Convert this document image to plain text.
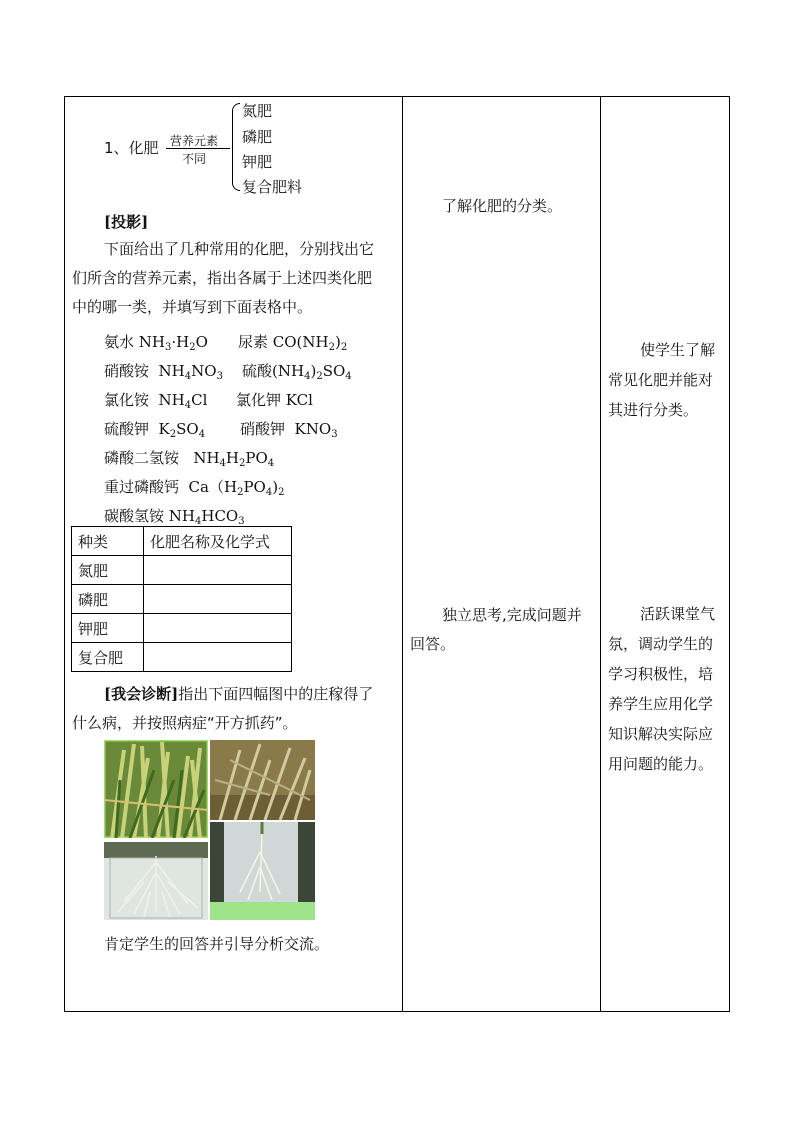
1、化肥 营养元素
不同
氮肥
磷肥
钾肥
复合肥料
[投影]
下面给出了几种常用的化肥，分别找出它
们所含的营养元素，指出各属于上述四类化肥
中的哪一类，并填写到下面表格中。
氨水 $NH_3\cdot H_2O$ 尿素 $CO(NH_2)_2$
硝酸铵  $NH_4NO_3$ 硫酸$(NH_4)_2SO_4$
氯化铵  $NH_4Cl$ 氯化钾 KCl
硫酸钾  $K_2SO_4$ 硝酸钾  $KNO_3$
磷酸二氢铵   $NH_4H_2PO_4$
重过磷酸钙  $Ca(H_2PO_4)_2$
碳酸氢铵 $NH_4HCO_3$
种类	化肥名称及化学式
氮肥	
磷肥	
钾肥	
复合肥	
[我会诊断]指出下面四幅图中的庄稼得了
什么病，并按照病症“开方抓药”。
肯定学生的回答并引导分析交流。
了解化肥的分类。
独立思考,完成问题并
回答。
使学生了解
常见化肥并能对
其进行分类。
活跃课堂气
氛，调动学生的
学习积极性，培
养学生应用化学
知识解决实际应
用问题的能力。
